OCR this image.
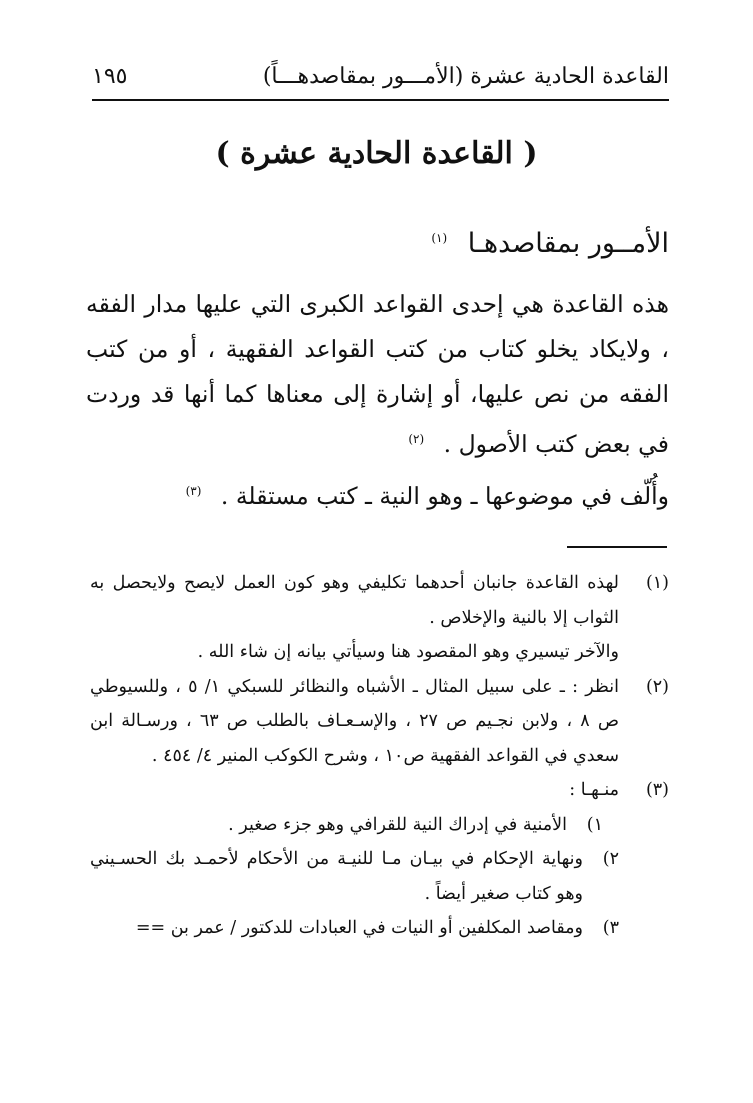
القاعدة الحادية عشرة (الأمـــور بمقاصدهـــاً)
١٩٥
( القاعدة الحادية عشرة )
الأمــور بمقاصدهـا $^{(١)}$

هذه القاعدة هي إحدى القواعد الكبرى التي عليها مدار الفقه ، ولايكاد يخلو كتاب من كتب القواعد الفقهية ، أو من كتب الفقه من نص عليها، أو إشارة إلى معناها كما أنها قد وردت في بعض كتب الأصول . $^{(٢)}$

وأُلّف في موضوعها ـ وهو النية ـ كتب مستقلة . $^{(٣)}$

(١)
لهذه القاعدة جانبان أحدهما تكليفي وهو كون العمل لايصح ولايحصل به
الثواب إلا بالنية والإخلاص .
والآخر تيسيري وهو المقصود هنا وسيأتي بيانه إن شاء الله .
(٢)
انظر : ـ على سبيل المثال ـ الأشباه والنظائر للسبكي ١/ ٥ ، وللسيوطي
ص ٨ ، ولابن نجـيم ص ٢٧ ، والإسـعـاف بالطلب ص ٦٣ ، ورسـالة ابن
سعدي في القواعد الفقهية ص١٠ ، وشرح الكوكب المنير ٤/ ٤٥٤ .
(٣)
منـهـا :
١)
الأمنية في إدراك النية للقرافي وهو جزء صغير .
٢)
ونهاية الإحكام في بيـان مـا للنيـة من الأحكام لأحمـد بك الحسـيني
وهو كتاب صغير أيضاً .
٣)
ومقاصد المكلفين أو النيات في العبادات للدكتور / عمر بن ==
